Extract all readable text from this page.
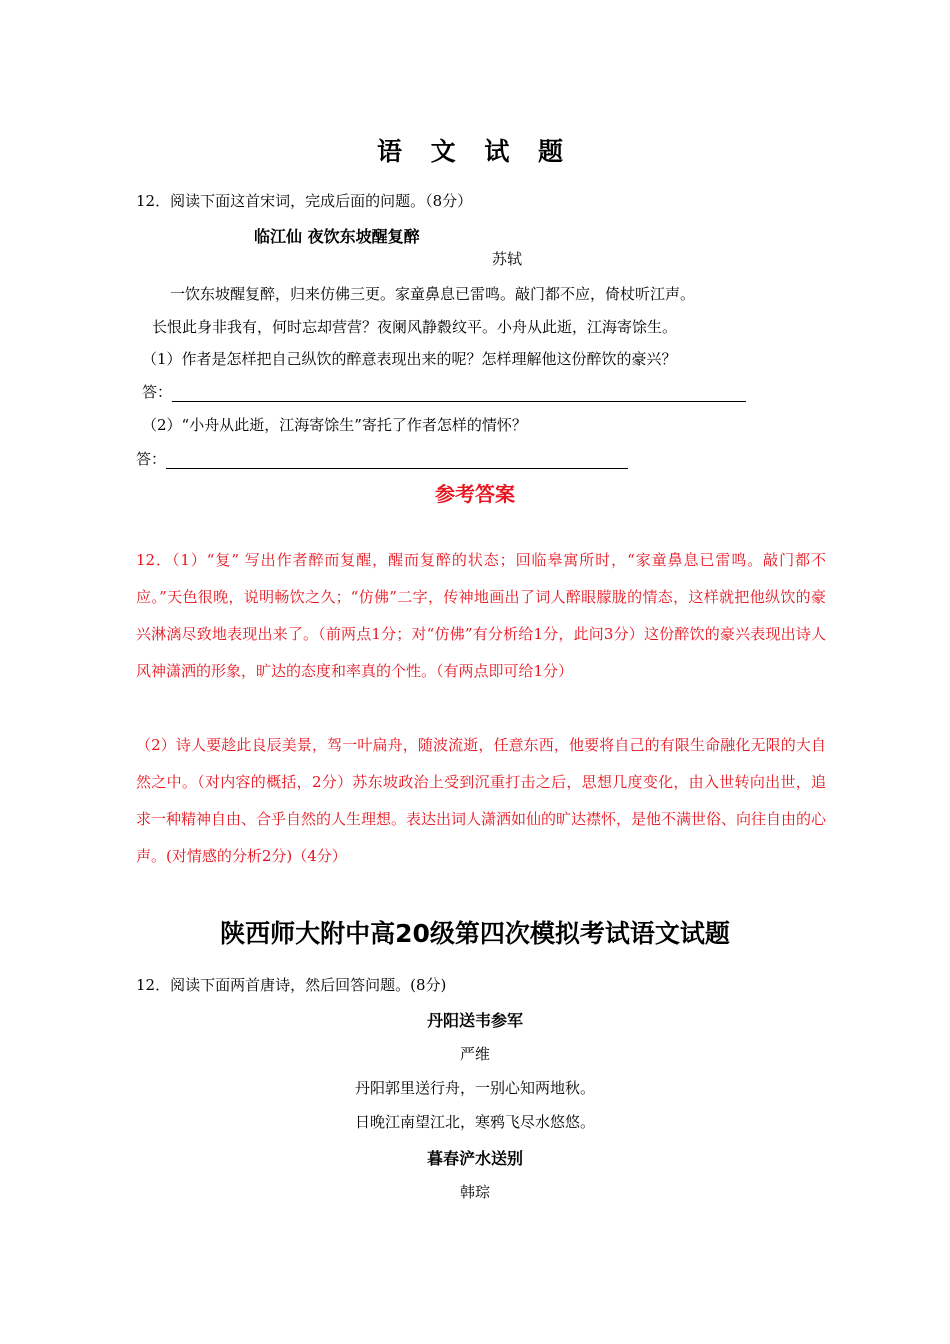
语 文 试 题
12．阅读下面这首宋词，完成后面的问题。（8分）
临江仙 夜饮东坡醒复醉
苏轼
一饮东坡醒复醉，归来仿佛三更。家童鼻息已雷鸣。敲门都不应，倚杖听江声。
长恨此身非我有，何时忘却营营？夜阑风静縠纹平。小舟从此逝，江海寄馀生。
（1）作者是怎样把自己纵饮的醉意表现出来的呢？怎样理解他这份醉饮的豪兴？
答：
（2）“小舟从此逝，江海寄馀生”寄托了作者怎样的情怀？
答：
参考答案
12．（1）“复” 写出作者醉而复醒，醒而复醉的状态；回临皋寓所时，“家童鼻息已雷鸣。敲门都不应。”天色很晚，说明畅饮之久；“仿佛”二字，传神地画出了词人醉眼朦胧的情态，这样就把他纵饮的豪兴淋漓尽致地表现出来了。（前两点1分；对“仿佛”有分析给1分，此问3分）这份醉饮的豪兴表现出诗人风神潇洒的形象，旷达的态度和率真的个性。（有两点即可给1分）
（2）诗人要趁此良辰美景，驾一叶扁舟，随波流逝，任意东西，他要将自己的有限生命融化无限的大自然之中。（对内容的概括，2分）苏东坡政治上受到沉重打击之后，思想几度变化，由入世转向出世，追求一种精神自由、合乎自然的人生理想。表达出词人潇洒如仙的旷达襟怀，是他不满世俗、向往自由的心声。(对情感的分析2分)（4分）
陕西师大附中高20级第四次模拟考试语文试题
12．阅读下面两首唐诗，然后回答问题。(8分)
丹阳送韦参军
严维
丹阳郭里送行舟，一别心知两地秋。
日晚江南望江北，寒鸦飞尽水悠悠。
暮春浐水送别
韩琮
